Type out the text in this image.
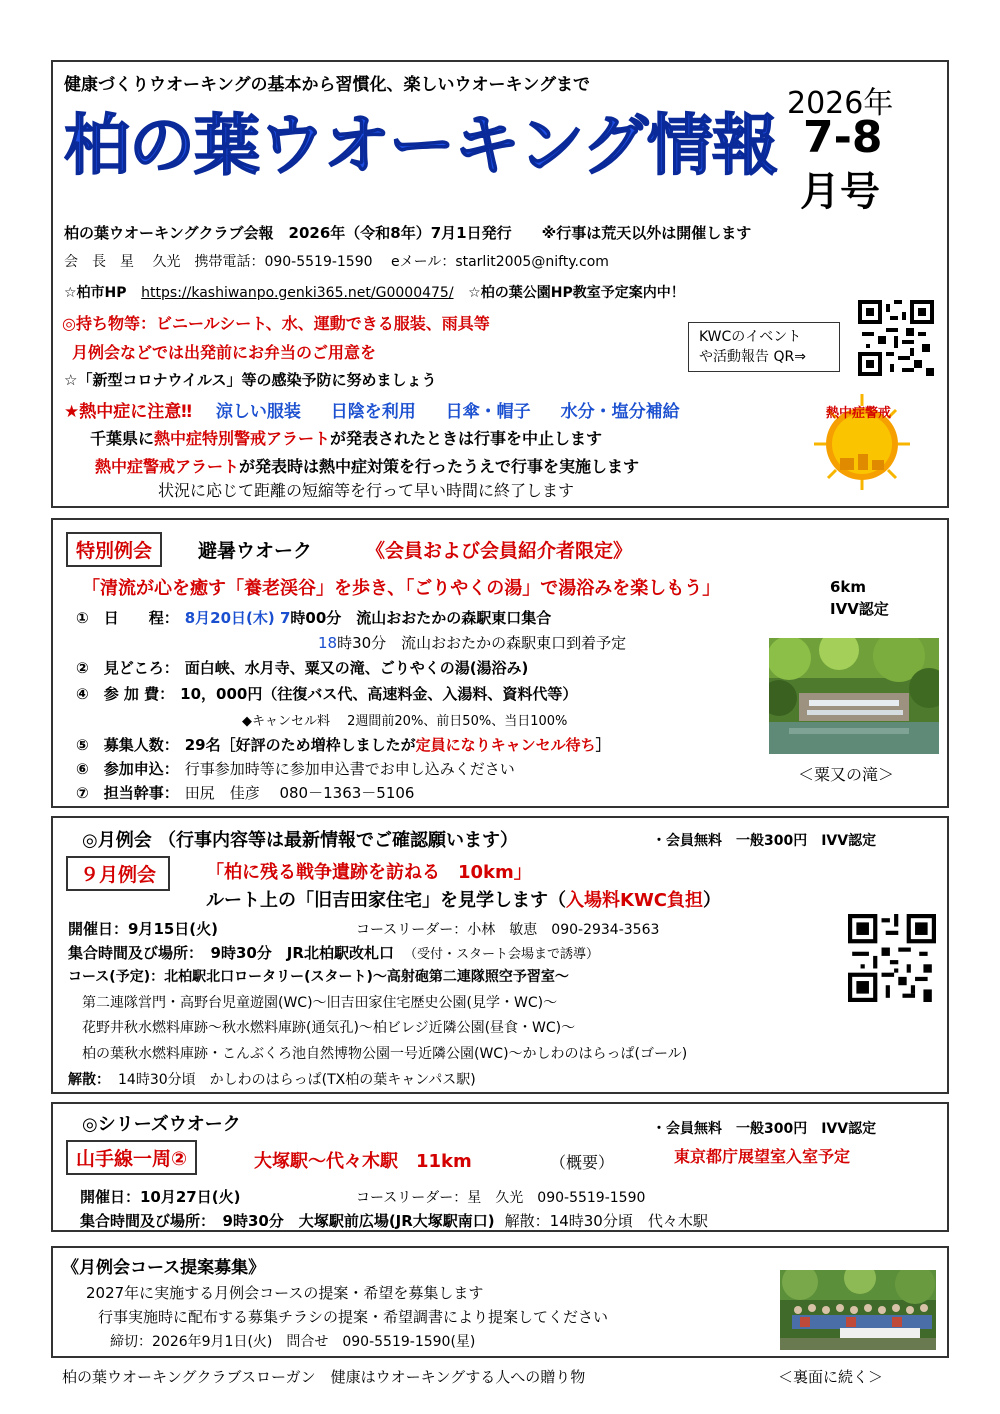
健康づくりウオーキングの基本から習慣化、楽しいウオーキングまで
柏の葉ウオーキング情報
2026年
7-8
月号
柏の葉ウオーキングクラブ会報　2026年（令和8年）7月1日発行　　※行事は荒天以外は開催します
会　長　星　 久光　携帯電話：090-5519-1590　 eメール：starlit2005@nifty.com
☆柏市HP https://kashiwanpo.genki365.net/G0000475/ ☆柏の葉公園HP教室予定案内中！
◎持ち物等：ビニールシート、水、運動できる服装、雨具等
月例会などでは出発前にお弁当のご用意を
☆「新型コロナウイルス」等の感染予防に努めましょう
★熱中症に注意‼ 涼しい服装 日陰を利用 日傘・帽子 水分・塩分補給
千葉県に熱中症特別警戒アラートが発表されたときは行事を中止します
熱中症警戒アラートが発表時は熱中症対策を行ったうえで行事を実施します
状況に応じて距離の短縮等を行って早い時間に終了します
KWCのイベント
や活動報告 QR⇒
熱中症警戒
特別例会	避暑ウオーク	《会員および会員紹介者限定》
「清流が心を癒す「養老渓谷」を歩き、「ごりやくの湯」で湯浴みを楽しもう」	6km
IVV認定
①　日　　程： 8月20日(木) 7時00分　流山おおたかの森駅東口集合
18時30分　流山おおたかの森駅東口到着予定
②　見どころ： 面白峡、水月寺、粟又の滝、ごりやくの湯(湯浴み)
④　参 加 費： 10，000円（往復バス代、高速料金、入湯料、資料代等）
◆キャンセル料　 2週間前20%、前日50%、当日100%
⑤　募集人数： 29名［好評のため増枠しましたが定員になりキャンセル待ち］
⑥　参加申込： 行事参加時等に参加申込書でお申し込みください
⑦　担当幹事： 田尻　佳彦　 080－1363－5106
＜粟又の滝＞
◎月例会 （行事内容等は最新情報でご確認願います）	・会員無料　一般300円　IVV認定
９月例会	「柏に残る戦争遺跡を訪ねる　10km」
ルート上の「旧吉田家住宅」を見学します（入場料KWC負担）
開催日：9月15日(火)	コースリーダー：小林　敏恵　090-2934-3563
集合時間及び場所：　9時30分　JR北柏駅改札口 （受付・スタート会場まで誘導）
コース(予定)：北柏駅北口ロータリー(スタート)～高射砲第二連隊照空予習室～
第二連隊営門・高野台児童遊園(WC)～旧吉田家住宅歴史公園(見学・WC)～
花野井秋水燃料庫跡～秋水燃料庫跡(通気孔)～柏ビレジ近隣公園(昼食・WC)～
柏の葉秋水燃料庫跡・こんぶくろ池自然博物公園一号近隣公園(WC)～かしわのはらっぱ(ゴール)
解散： 14時30分頃　かしわのはらっぱ(TX柏の葉キャンパス駅)
◎シリーズウオーク	・会員無料　一般300円　IVV認定
山手線一周②	大塚駅～代々木駅　11km	（概要）	東京都庁展望室入室予定
開催日：10月27日(火)	コースリーダー：星　久光　090-5519-1590
集合時間及び場所：　9時30分　大塚駅前広場(JR大塚駅南口) 解散：14時30分頃　代々木駅
《月例会コース提案募集》
2027年に実施する月例会コースの提案・希望を募集します
行事実施時に配布する募集チラシの提案・希望調書により提案してください
締切：2026年9月1日(火)　問合せ　090-5519-1590(星)
柏の葉ウオーキングクラブスローガン　健康はウオーキングする人への贈り物	＜裏面に続く＞
